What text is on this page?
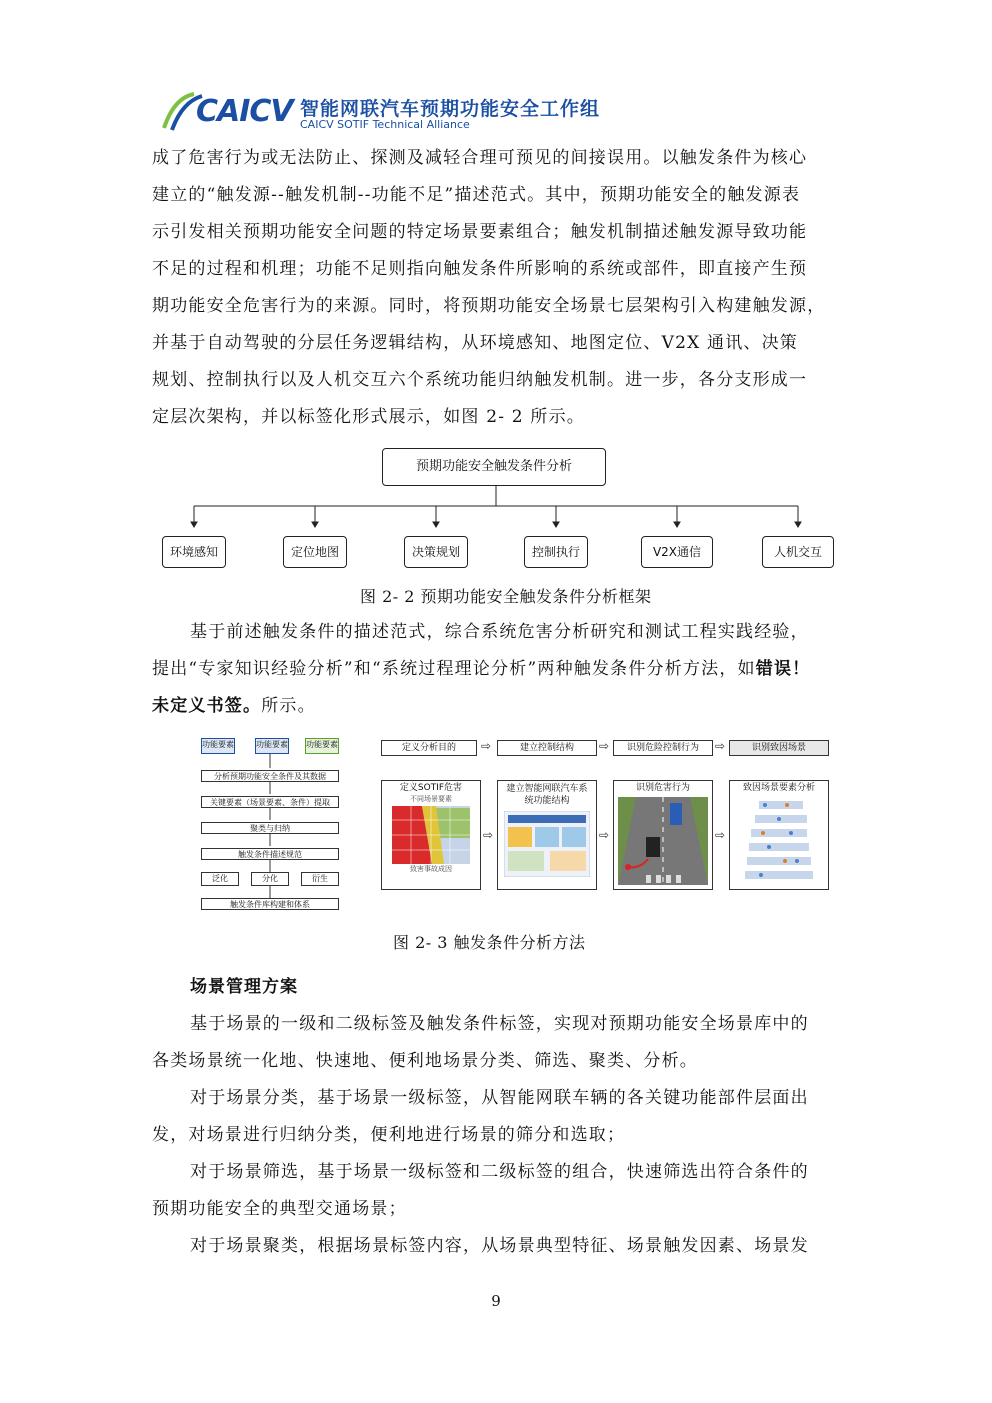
CAICV 智能网联汽车预期功能安全工作组
CAICV SOTIF Technical Alliance
成了危害行为或无法防止、探测及减轻合理可预见的间接误用。以触发条件为核心
建立的“触发源--触发机制--功能不足”描述范式。其中，预期功能安全的触发源表
示引发相关预期功能安全问题的特定场景要素组合；触发机制描述触发源导致功能
不足的过程和机理；功能不足则指向触发条件所影响的系统或部件，即直接产生预
期功能安全危害行为的来源。同时，将预期功能安全场景七层架构引入构建触发源，
并基于自动驾驶的分层任务逻辑结构，从环境感知、地图定位、V2X 通讯、决策
规划、控制执行以及人机交互六个系统功能归纳触发机制。进一步，各分支形成一
定层次架构，并以标签化形式展示，如图 2- 2 所示。
预期功能安全触发条件分析
环境感知	定位地图	决策规划	控制执行	V2X通信	人机交互
图 2- 2 预期功能安全触发条件分析框架
基于前述触发条件的描述范式，综合系统危害分析研究和测试工程实践经验，
提出“专家知识经验分析”和“系统过程理论分析”两种触发条件分析方法，如错误！
未定义书签。所示。
功能要素	功能要素 功能要素
分析预期功能安全条件及其数据
关键要素（场景要素、条件）提取
聚类与归纳
触发条件描述规范
泛化	分化	衍生
触发条件库构建和体系
定义分析目的	⇨	建立控制结构	⇨	识别危险控制行为	⇨	识别致因场景
定义SOTIF危害
不同场景要素
致害事故成因
⇨
建立智能网联汽车系统功能结构
⇨
识别危害行为
⇨
致因场景要素分析
图 2- 3 触发条件分析方法
场景管理方案
基于场景的一级和二级标签及触发条件标签，实现对预期功能安全场景库中的
各类场景统一化地、快速地、便利地场景分类、筛选、聚类、分析。
对于场景分类，基于场景一级标签，从智能网联车辆的各关键功能部件层面出
发，对场景进行归纳分类，便利地进行场景的筛分和选取；
对于场景筛选，基于场景一级标签和二级标签的组合，快速筛选出符合条件的
预期功能安全的典型交通场景；
对于场景聚类，根据场景标签内容，从场景典型特征、场景触发因素、场景发
9
